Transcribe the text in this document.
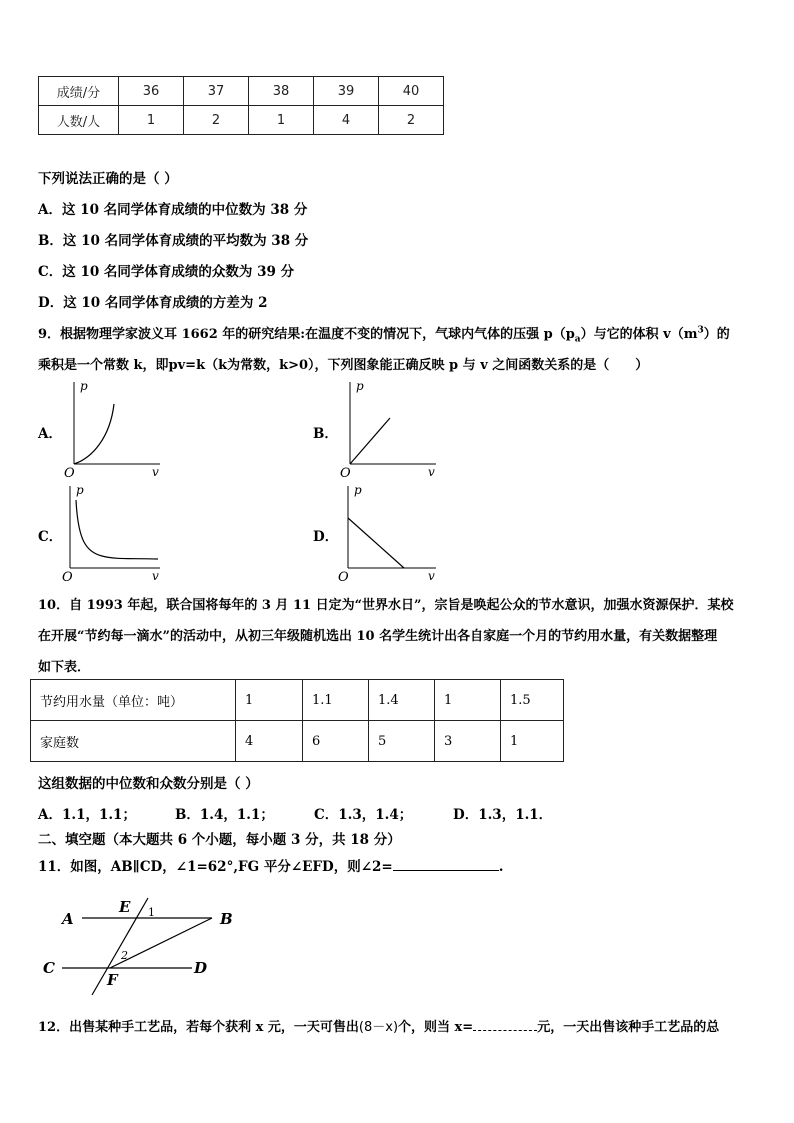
成绩/分	36	37	38	39	40
人数/人	1	2	1	4	2
下列说法正确的是（ ）
A．这 10 名同学体育成绩的中位数为 38 分
B．这 10 名同学体育成绩的平均数为 38 分
C．这 10 名同学体育成绩的众数为 39 分
D．这 10 名同学体育成绩的方差为 2
9．根据物理学家波义耳 1662 年的研究结果:在温度不变的情况下，气球内气体的压强 $p(p_a)$与它的体积 $v(m^3)$的
乘积是一个常数 k，即pv=k（k为常数，k>0），下列图象能正确反映 p 与 v 之间函数关系的是（　　）
A．	B．
C．	D．
p
v
O
p
v
O
p
v
O
p
v
O
10．自 1993 年起，联合国将每年的 3 月 11 日定为“世界水日”，宗旨是唤起公众的节水意识，加强水资源保护．某校
在开展“节约每一滴水”的活动中，从初三年级随机选出 10 名学生统计出各自家庭一个月的节约用水量，有关数据整理
如下表．
节约用水量（单位：吨）	1	1.1	1.4	1	1.5
家庭数	4	6	5	3	1
这组数据的中位数和众数分别是（ ）
A．1.1，1.1；	B．1.4，1.1；	C．1.3，1.4；	D．1.3，1.1．
二、填空题（本大题共 6 个小题，每小题 3 分，共 18 分）
11．如图，AB∥CD，∠1=62°,FG 平分∠EFD，则∠2=	.
A	B
C	D
E
F
1
2
12．出售某种手工艺品，若每个获利 x 元，一天可售出(8－x)个，则当 x=	元，一天出售该种手工艺品的总
